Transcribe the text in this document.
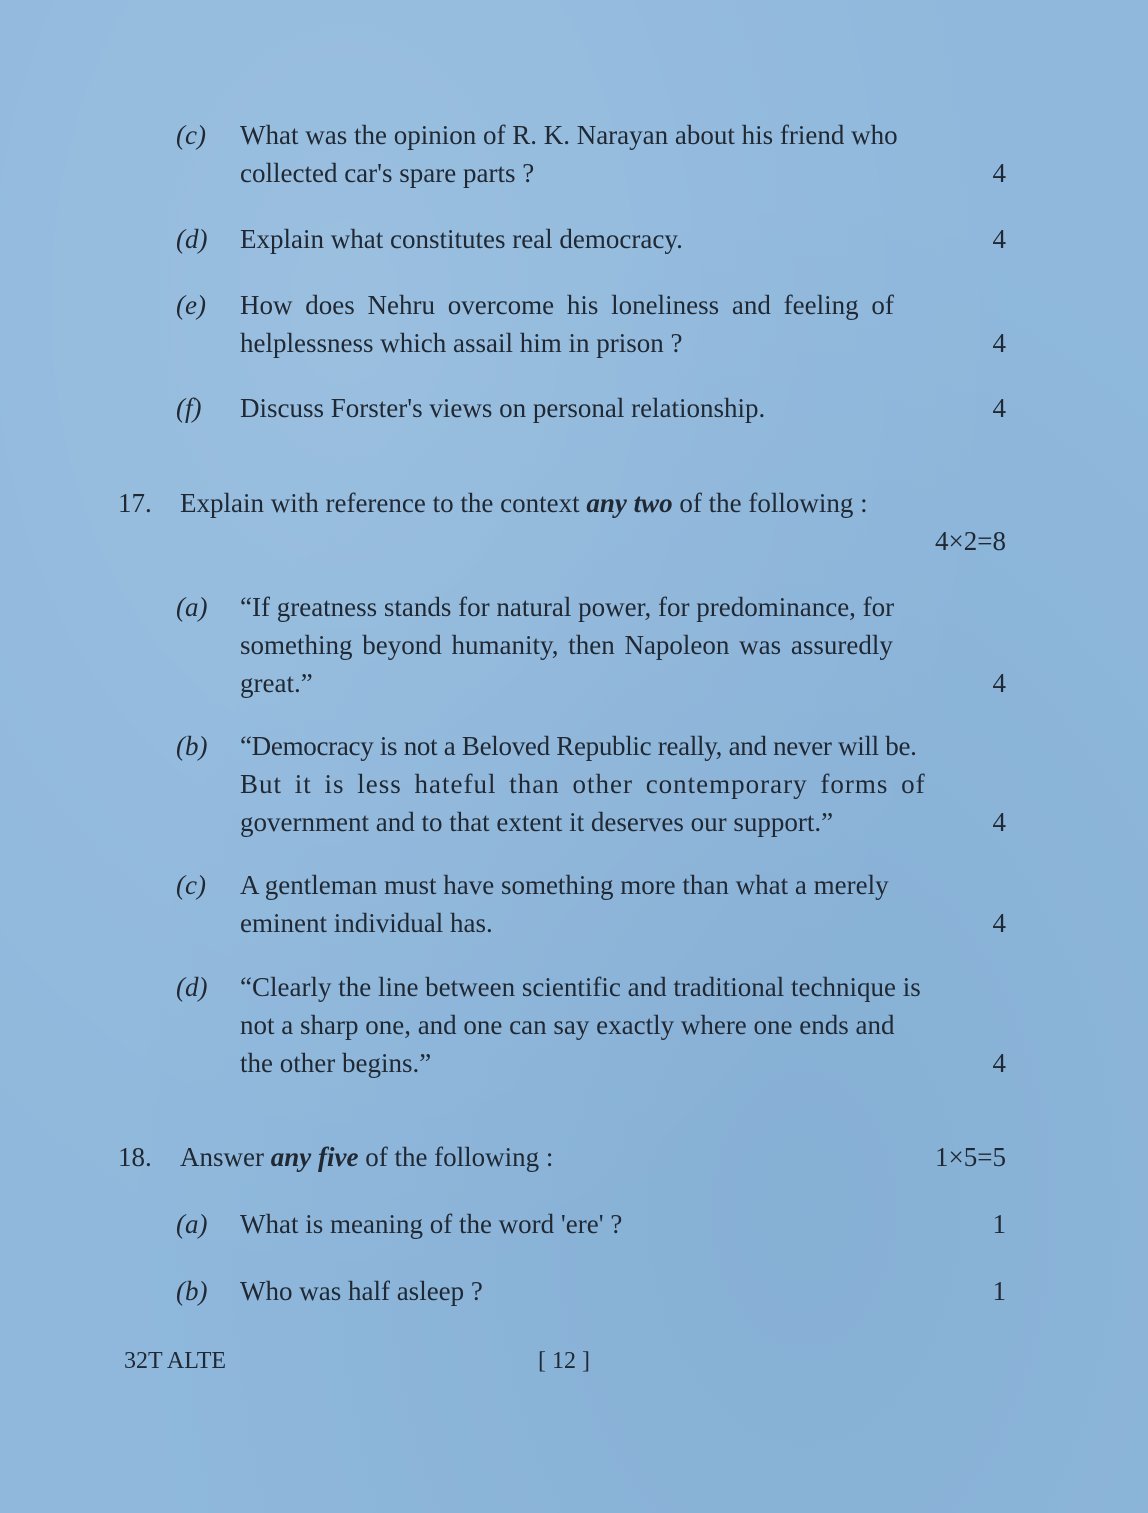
(c) What was the opinion of R. K. Narayan about his friend who
collected car's spare parts ?	4
(d) Explain what constitutes real democracy.	4
(e) How does Nehru overcome his loneliness and feeling of
helplessness which assail him in prison ?	4
(f) Discuss Forster's views on personal relationship.	4
17. Explain with reference to the context any two of the following :
4×2=8
(a) “If greatness stands for natural power, for predominance, for
something beyond humanity, then Napoleon was assuredly
great.”	4
(b) “Democracy is not a Beloved Republic really, and never will be.
But it is less hateful than other contemporary forms of
government and to that extent it deserves our support.”	4
(c) A gentleman must have something more than what a merely
eminent individual has.	4
(d) “Clearly the line between scientific and traditional technique is
not a sharp one, and one can say exactly where one ends and
the other begins.”	4
18. Answer any five of the following :	1×5=5
(a) What is meaning of the word 'ere' ?	1
(b) Who was half asleep ?	1
32T ALTE	[ 12 ]
